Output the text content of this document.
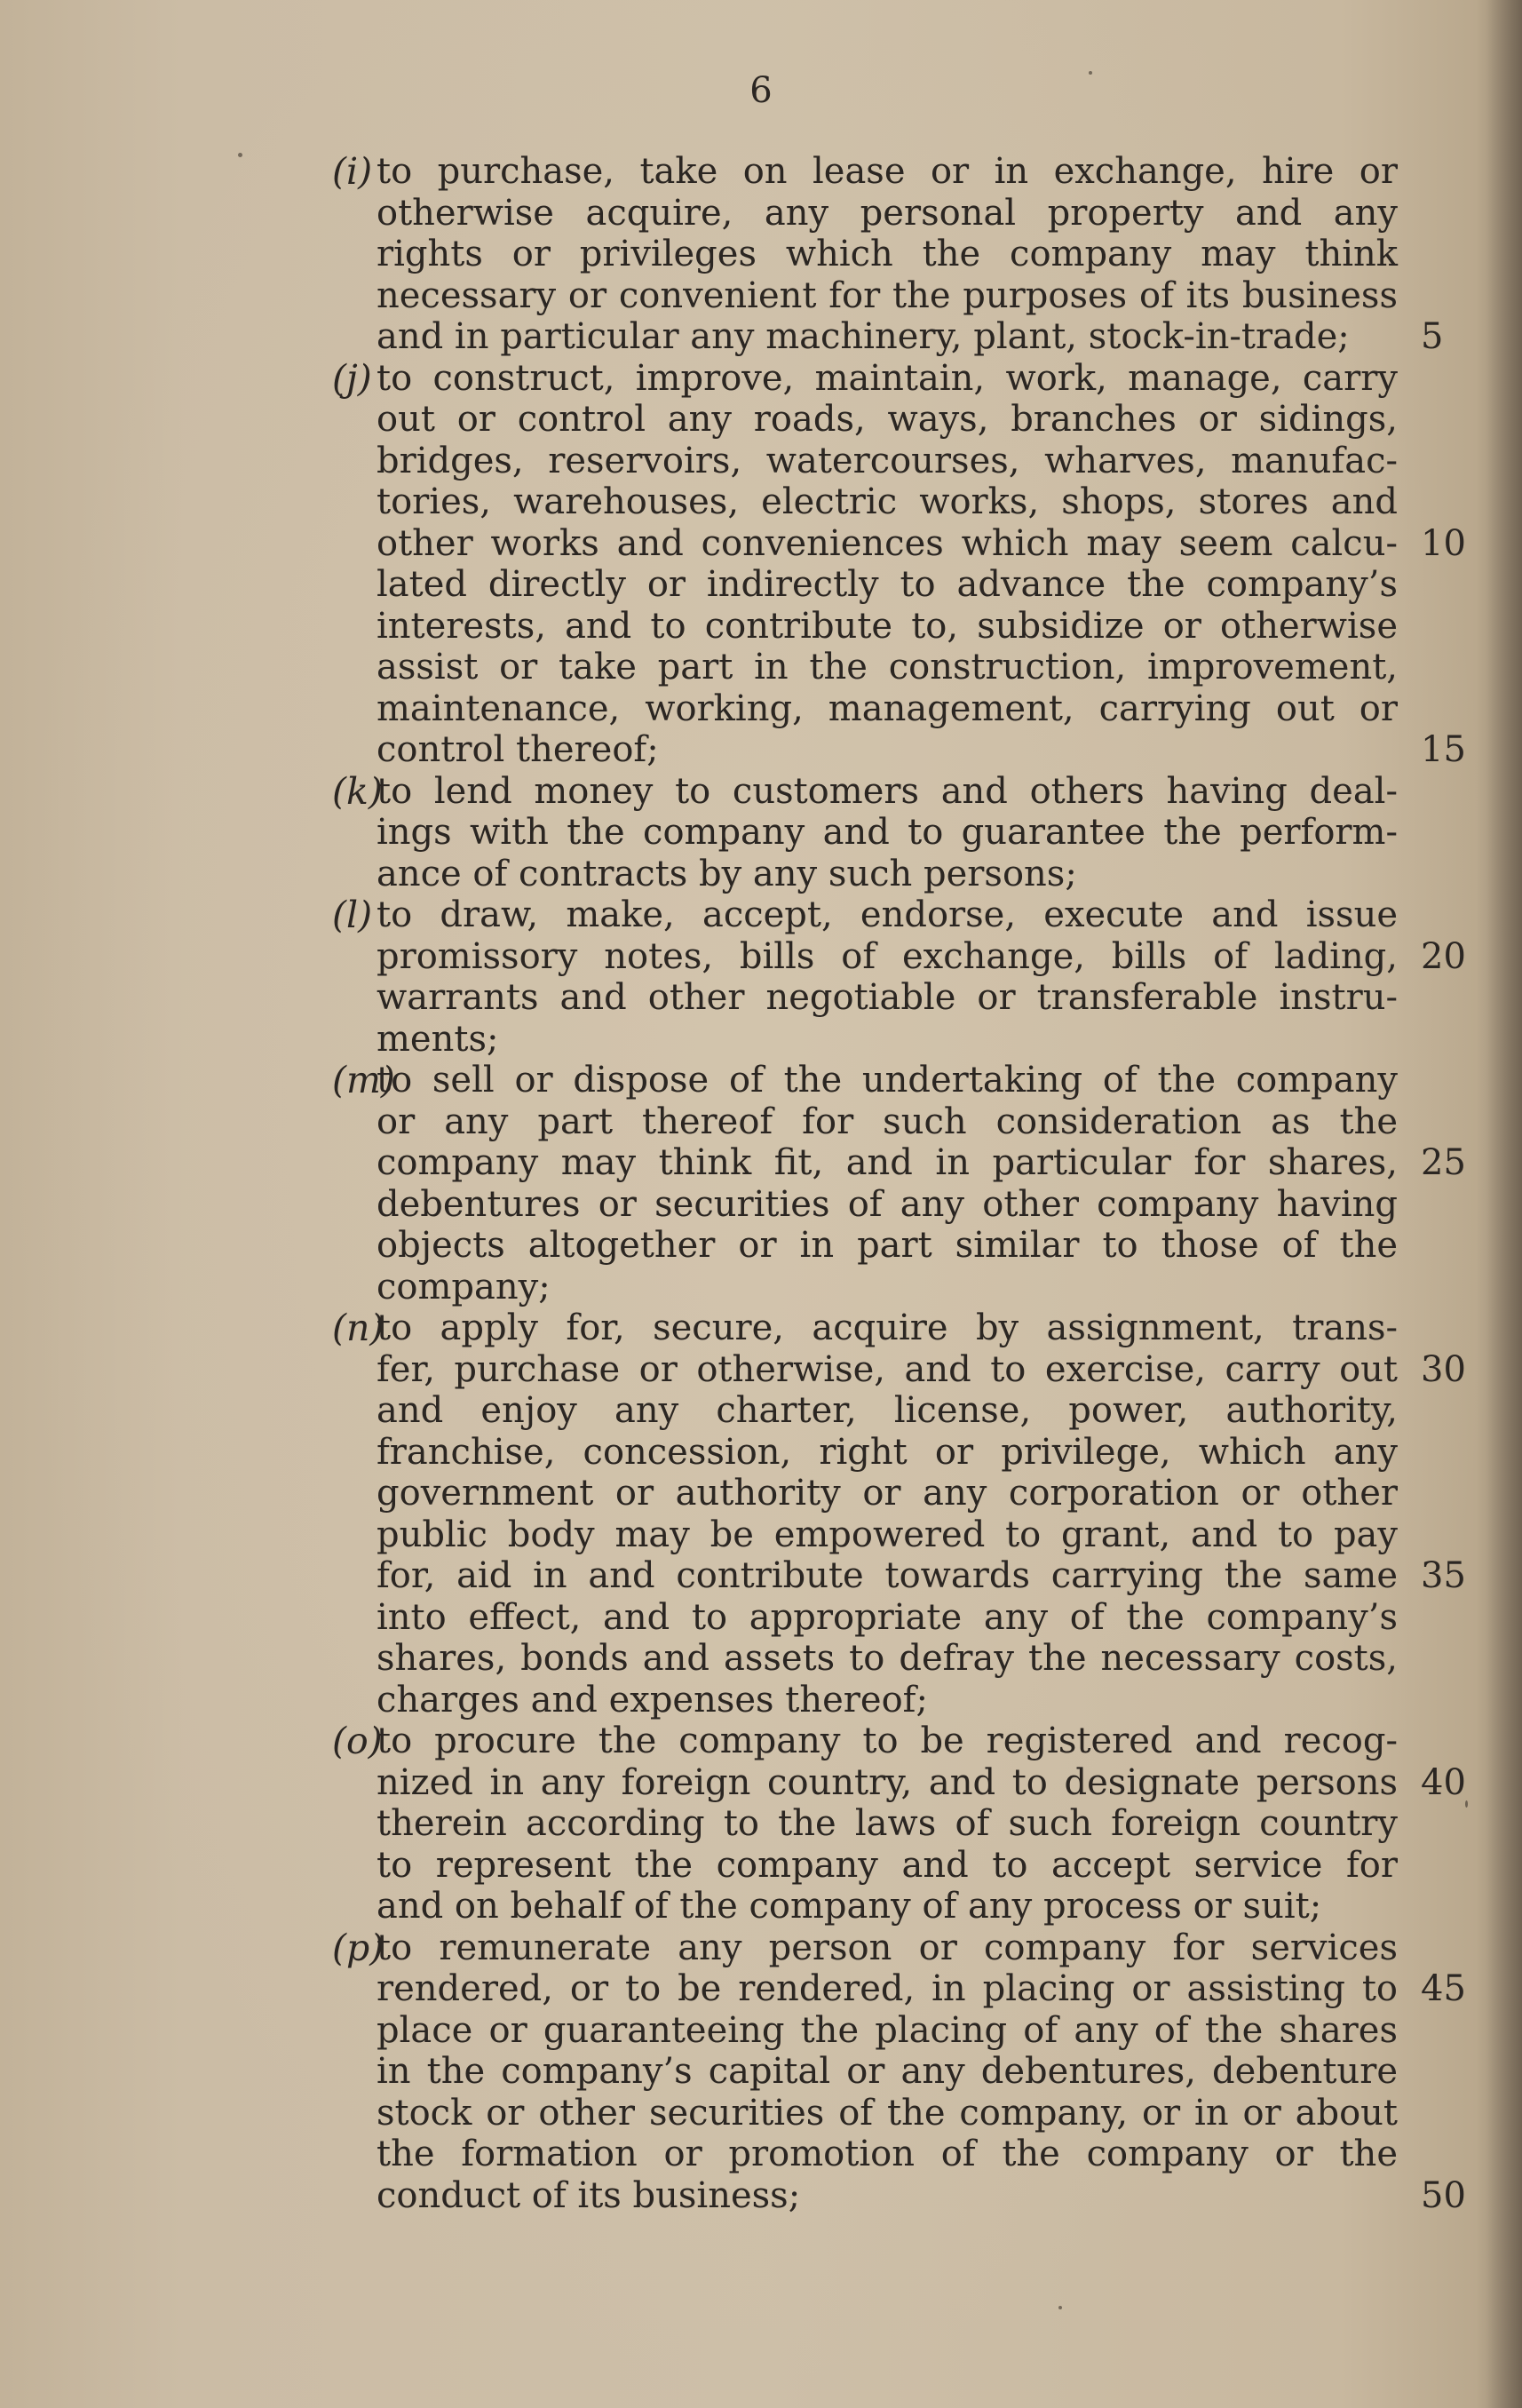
6
(i) to purchase, take on lease or in exchange, hire or
otherwise acquire, any personal property and any
rights or privileges which the company may think
necessary or convenient for the purposes of its business
and in particular any machinery, plant, stock-in-trade; 5
(j) to construct, improve, maintain, work, manage, carry
out or control any roads, ways, branches or sidings,
bridges, reservoirs, watercourses, wharves, manufac-
tories, warehouses, electric works, shops, stores and
other works and conveniences which may seem calcu- 10
lated directly or indirectly to advance the company’s
interests, and to contribute to, subsidize or otherwise
assist or take part in the construction, improvement,
maintenance, working, management, carrying out or
control thereof;	15
(k)
to lend money to customers and others having deal-
ings with the company and to guarantee the perform-
ance of contracts by any such persons;
(l) to draw, make, accept, endorse, execute and issue
promissory notes, bills of exchange, bills of lading, 20
warrants and other negotiable or transferable instru-
ments;
(m)
to sell or dispose of the undertaking of the company
or any part thereof for such consideration as the
company may think fit, and in particular for shares, 25
debentures or securities of any other company having
objects altogether or in part similar to those of the
company;
(n)
to apply for, secure, acquire by assignment, trans-
fer, purchase or otherwise, and to exercise, carry out 30
and enjoy any charter, license, power, authority,
franchise, concession, right or privilege, which any
government or authority or any corporation or other
public body may be empowered to grant, and to pay
for, aid in and contribute towards carrying the same 35
into effect, and to appropriate any of the company’s
shares, bonds and assets to defray the necessary costs,
charges and expenses thereof;
(o)
to procure the company to be registered and recog-
nized in any foreign country, and to designate persons 40
therein according to the laws of such foreign country
to represent the company and to accept service for
and on behalf of the company of any process or suit;
(p)
to remunerate any person or company for services
rendered, or to be rendered, in placing or assisting to 45
place or guaranteeing the placing of any of the shares
in the company’s capital or any debentures, debenture
stock or other securities of the company, or in or about
the formation or promotion of the company or the
conduct of its business;	50
